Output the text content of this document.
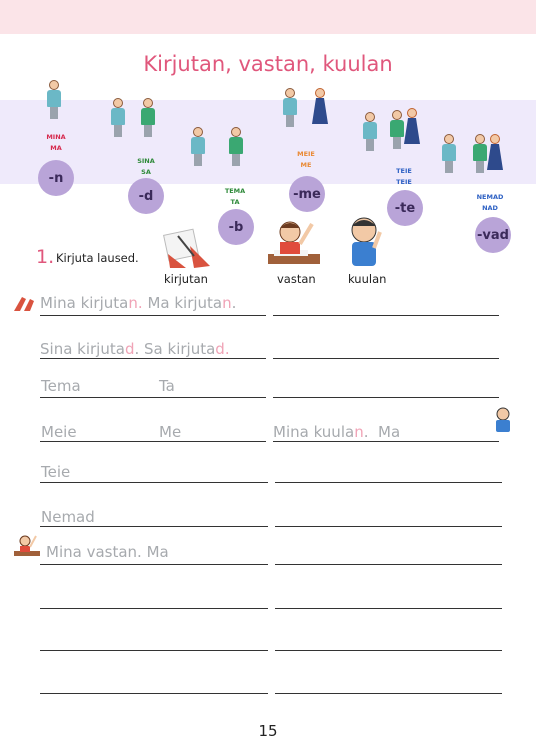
Kirjutan, vastan, kuulan
MINA
MA
-n
SINA
SA
-d	TEMA
TA
-b
MEIE
ME
-me
TEIE
TEIE
-te
NEMAD
NAD
-vad
1. Kirjuta laused.
kirjutan	vastan	kuulan
Mina kirjutan. Ma kirjutan.
Sina kirjutad. Sa kirjutad.
Tema	Ta
Meie	Me	Mina kuulan. Ma
Teie
Nemad
Mina vastan. Ma
15
